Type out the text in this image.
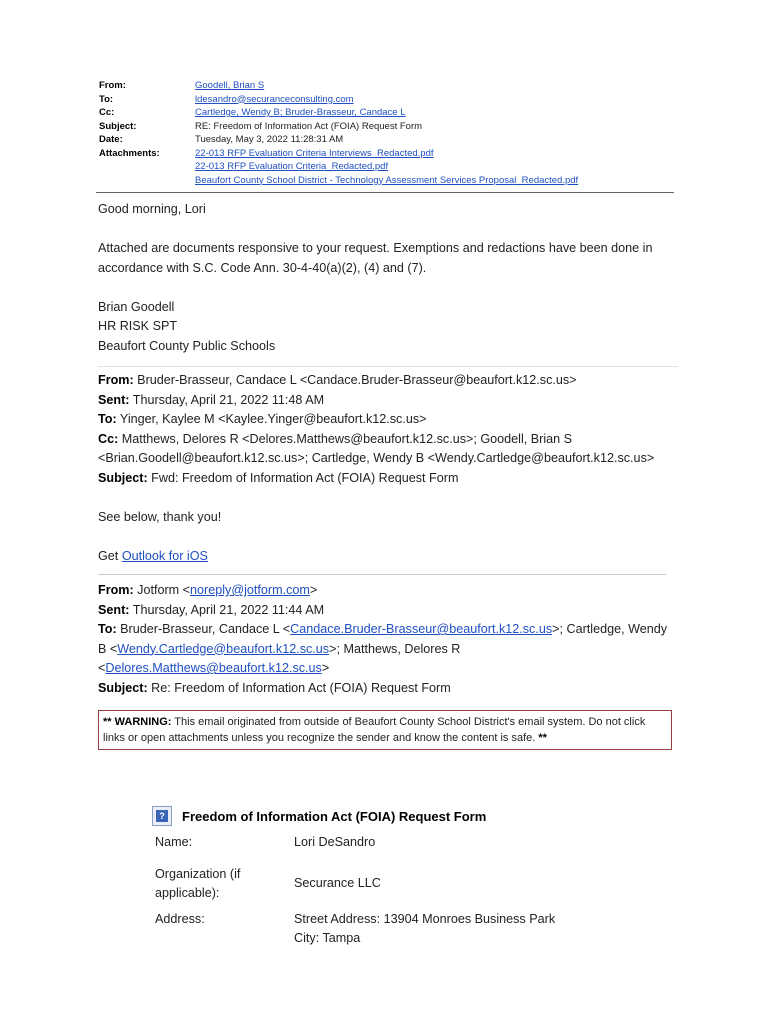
From:	Goodell, Brian S
To:	ldesandro@securanceconsulting.com
Cc:	Cartledge, Wendy B; Bruder-Brasseur, Candace L
Subject:	RE: Freedom of Information Act (FOIA) Request Form
Date:	Tuesday, May 3, 2022 11:28:31 AM
Attachments:	22-013 RFP Evaluation Criteria Interviews_Redacted.pdf
22-013 RFP Evaluation Criteria_Redacted.pdf
Beaufort County School District - Technology Assessment Services Proposal_Redacted.pdf

Good morning, Lori

Attached are documents responsive to your request. Exemptions and redactions have been done in accordance with S.C. Code Ann. 30-4-40(a)(2), (4) and (7).

Brian Goodell

HR RISK SPT

Beaufort County Public Schools

From: Bruder-Brasseur, Candace L <Candace.Bruder-Brasseur@beaufort.k12.sc.us>

Sent: Thursday, April 21, 2022 11:48 AM

To: Yinger, Kaylee M <Kaylee.Yinger@beaufort.k12.sc.us>

Cc: Matthews, Delores R <Delores.Matthews@beaufort.k12.sc.us>; Goodell, Brian S <Brian.Goodell@beaufort.k12.sc.us>; Cartledge, Wendy B <Wendy.Cartledge@beaufort.k12.sc.us>

Subject: Fwd: Freedom of Information Act (FOIA) Request Form

See below, thank you!

Get Outlook for iOS

From: Jotform <noreply@jotform.com>

Sent: Thursday, April 21, 2022 11:44 AM

To: Bruder-Brasseur, Candace L <Candace.Bruder-Brasseur@beaufort.k12.sc.us>; Cartledge, Wendy B <Wendy.Cartledge@beaufort.k12.sc.us>; Matthews, Delores R <Delores.Matthews@beaufort.k12.sc.us>

Subject: Re: Freedom of Information Act (FOIA) Request Form

** WARNING: This email originated from outside of Beaufort County School District's email system. Do not click links or open attachments unless you recognize the sender and know the content is safe. **
? Freedom of Information Act (FOIA) Request Form
Name:	Lori DeSandro
Organization (if applicable):
Securance LLC
Address:	Street Address: 13904 Monroes Business Park
City: Tampa
